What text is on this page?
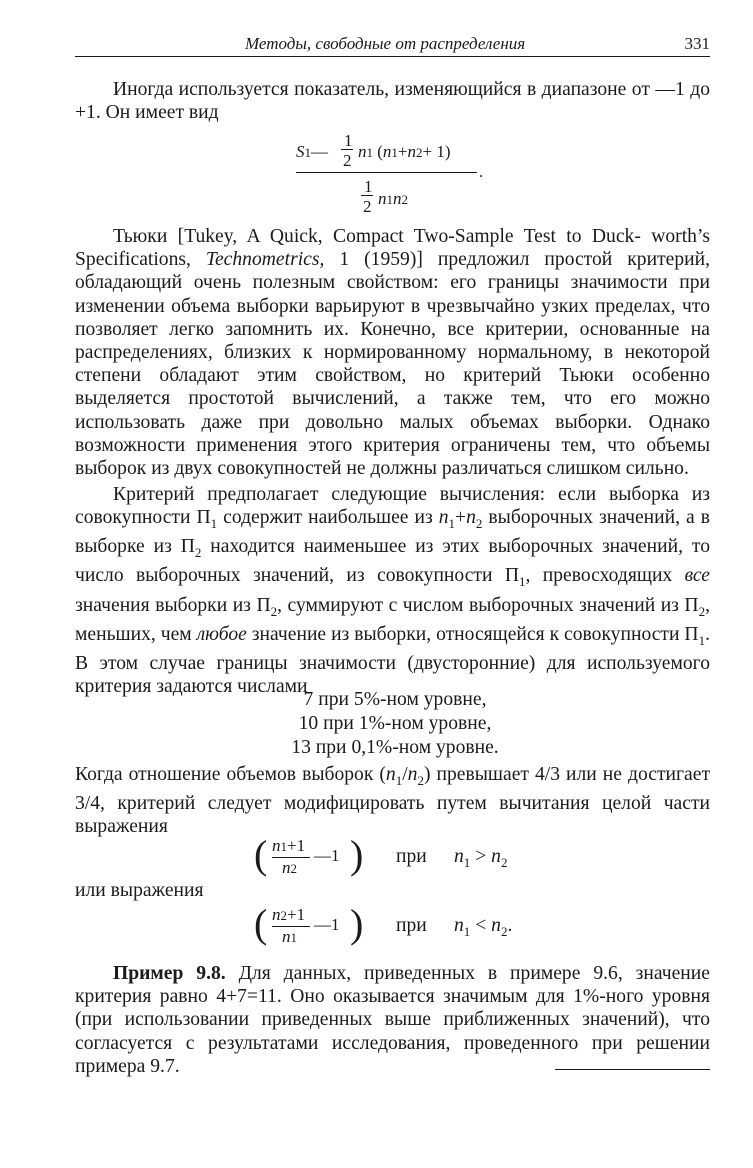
Методы, свободные от распределения	331

Иногда используется показатель, изменяющийся в диапазоне от —1 до +1. Он имеет вид

S1—
1
2 n1 (n1+n2+ 1)
.
1
2 n1n2
Тьюки [Tukey, A Quick, Compact Two-Sample Test to Duck- worth’s Specifications, Technometrics, 1 (1959)] предложил простой критерий, обладающий очень полезным свойством: его границы значимости при изменении объема выборки варьируют в чрезвычайно узких пределах, что позволяет легко запомнить их. Конечно, все критерии, основанные на распределениях, близких к нормированному нормальному, в некоторой степени обладают этим свойством, но критерий Тьюки особенно выделяется простотой вычислений, а также тем, что его можно использовать даже при довольно малых объемах выборки. Однако возможности применения этого критерия ограничены тем, что объемы выборок из двух совокупностей не должны различаться слишком сильно.
Критерий предполагает следующие вычисления: если выборка из совокупности $П_1$ содержит наибольшее из $n_1+n_2$ выборочных значений, а в выборке из $П_2$ находится наименьшее из этих выборочных значений, то число выборочных значений, из совокупности $П_1$, превосходящих все значения выборки из $П_2$, суммируют с числом выборочных значений из $П_2$, меньших, чем любое значение из выборки, относящейся к совокупности $П_1$. В этом случае границы значимости (двусторонние) для используемого критерия задаются числами
7 при 5%-ном уровне,
10 при 1%-ном уровне,
13 при 0,1%-ном уровне.
Когда отношение объемов выборок $(n_1/n_2)$ превышает 4/3 или не достигает 3/4, критерий следует модифицировать путем вычитания целой части выражения
( n1+1
n2
—1 ) при $n_1 > n_2$

или выражения

( n2+1
n1
—1 ) при $n_1 < n_2$.
Пример 9.8. Для данных, приведенных в примере 9.6, значение критерия равно 4+7=11. Оно оказывается значимым для 1%-ного уровня (при использовании приведенных выше приближенных значений), что согласуется с результатами исследования, проведенного при решении примера 9.7.
